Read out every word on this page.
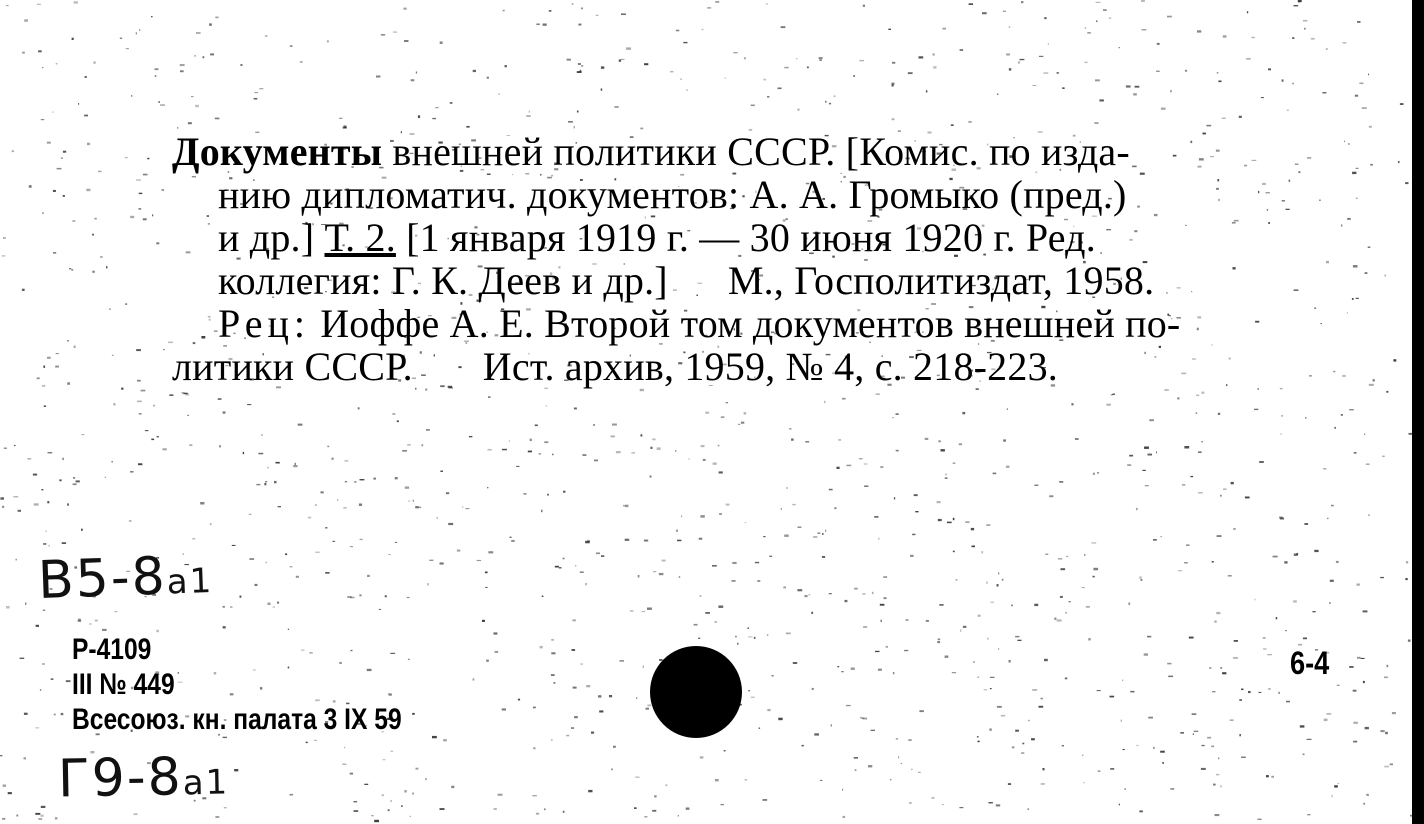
Документы внешней политики СССР. [Комис. по изда-
нию дипломатич. документов: А. А. Громыко (пред.)
и др.] Т. 2. [1 января 1919 г. — 30 июня 1920 г. Ред.
коллегия: Г. К. Деев и др.] М., Госполитиздат, 1958.
Рец: Иоффе А. Е. Второй том документов внешней по-
литики СССР. Ист. архив, 1959, № 4, с. 218-223.
B5-8а1
Р-4109
III № 449
Всесоюз. кн. палата 3 IX 59
6-4
Г9-8а1
